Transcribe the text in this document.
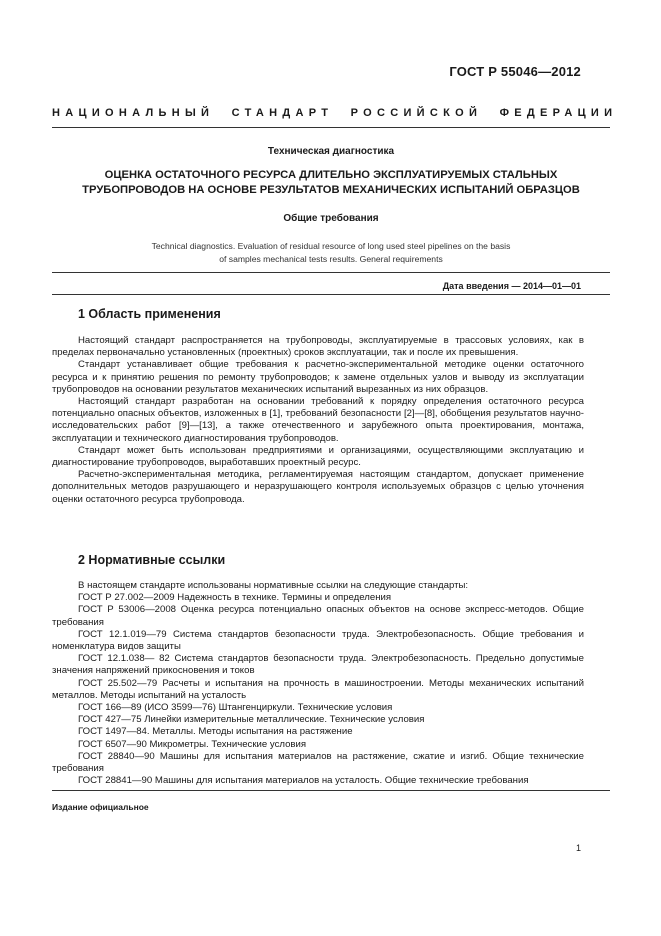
ГОСТ Р 55046—2012
НАЦИОНАЛЬНЫЙ СТАНДАРТ РОССИЙСКОЙ ФЕДЕРАЦИИ
Техническая диагностика
ОЦЕНКА ОСТАТОЧНОГО РЕСУРСА ДЛИТЕЛЬНО ЭКСПЛУАТИРУЕМЫХ СТАЛЬНЫХ ТРУБОПРОВОДОВ НА ОСНОВЕ РЕЗУЛЬТАТОВ МЕХАНИЧЕСКИХ ИСПЫТАНИЙ ОБРАЗЦОВ
Общие требования
Technical diagnostics. Evaluation of residual resource of long used steel pipelines on the basis of samples mechanical tests results. General requirements
Дата введения — 2014—01—01
1 Область применения

Настоящий стандарт распространяется на трубопроводы, эксплуатируемые в трассовых условиях, как в пределах первоначально установленных (проектных) сроков эксплуатации, так и после их превышения.

Стандарт устанавливает общие требования к расчетно-экспериментальной методике оценки остаточного ресурса и к принятию решения по ремонту трубопроводов; к замене отдельных узлов и выводу из эксплуатации трубопроводов на основании результатов механических испытаний вырезанных из них образцов.

Настоящий стандарт разработан на основании требований к порядку определения остаточного ресурса потенциально опасных объектов, изложенных в [1], требований безопасности [2]—[8], обобщения результатов научно-исследовательских работ [9]—[13], а также отечественного и зарубежного опыта проектирования, монтажа, эксплуатации и технического диагностирования трубопроводов.

Стандарт может быть использован предприятиями и организациями, осуществляющими эксплуатацию и диагностирование трубопроводов, выработавших проектный ресурс.

Расчетно-экспериментальная методика, регламентируемая настоящим стандартом, допускает применение дополнительных методов разрушающего и неразрушающего контроля используемых образцов с целью уточнения оценки остаточного ресурса трубопровода.

2 Нормативные ссылки

В настоящем стандарте использованы нормативные ссылки на следующие стандарты:

ГОСТ Р 27.002—2009 Надежность в технике. Термины и определения

ГОСТ Р 53006—2008 Оценка ресурса потенциально опасных объектов на основе экспресс-методов. Общие требования

ГОСТ 12.1.019—79 Система стандартов безопасности труда. Электробезопасность. Общие требования и номенклатура видов защиты

ГОСТ 12.1.038— 82 Система стандартов безопасности труда. Электробезопасность. Предельно допустимые значения напряжений прикосновения и токов

ГОСТ 25.502—79 Расчеты и испытания на прочность в машиностроении. Методы механических испытаний металлов. Методы испытаний на усталость

ГОСТ 166—89 (ИСО 3599—76) Штангенциркули. Технические условия

ГОСТ 427—75 Линейки измерительные металлические. Технические условия

ГОСТ 1497—84. Металлы. Методы испытания на растяжение

ГОСТ 6507—90 Микрометры. Технические условия

ГОСТ 28840—90 Машины для испытания материалов на растяжение, сжатие и изгиб. Общие технические требования

ГОСТ 28841—90 Машины для испытания материалов на усталость. Общие технические требования

Издание официальное
1
